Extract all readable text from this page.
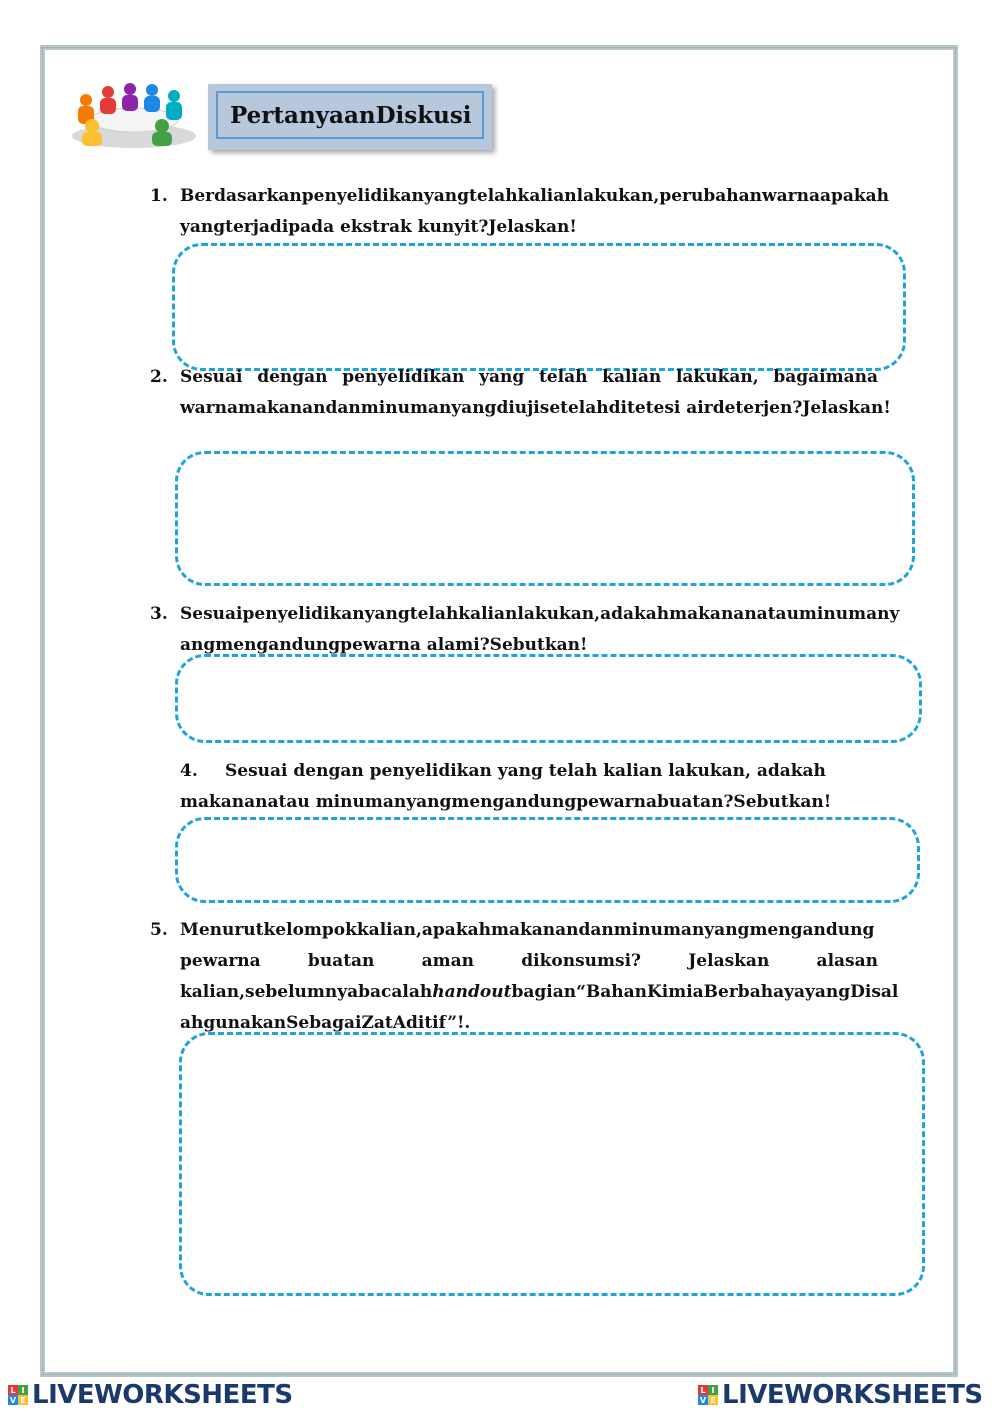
PertanyaanDiskusi
1. Berdasarkanpenyelidikanyangtelahkalianlakukan,perubahanwarnaapakah
yangterjadipada ekstrak kunyit?Jelaskan!
2. Sesuai dengan penyelidikan yang telah kalian lakukan, bagaimana
warnamakanandanminumanyangdiujisetelahditetesi airdeterjen?Jelaskan!
3. Sesuaipenyelidikanyangtelahkalianlakukan,adakahmakananatauminumany
angmengandungpewarna alami?Sebutkan!
4. Sesuai dengan penyelidikan yang telah kalian lakukan, adakah
makananatau minumanyangmengandungpewarnabuatan?Sebutkan!
5. Menurutkelompokkalian,apakahmakanandanminumanyangmengandung
pewarna buatan aman dikonsumsi? Jelaskan alasan
kalian,sebelumnyabacalahhandoutbagian“BahanKimiaBerbahayayangDisal
ahgunakanSebagaiZatAditif”!.
L I
V E LIVEWORKSHEETS	L I
V E LIVEWORKSHEETS
